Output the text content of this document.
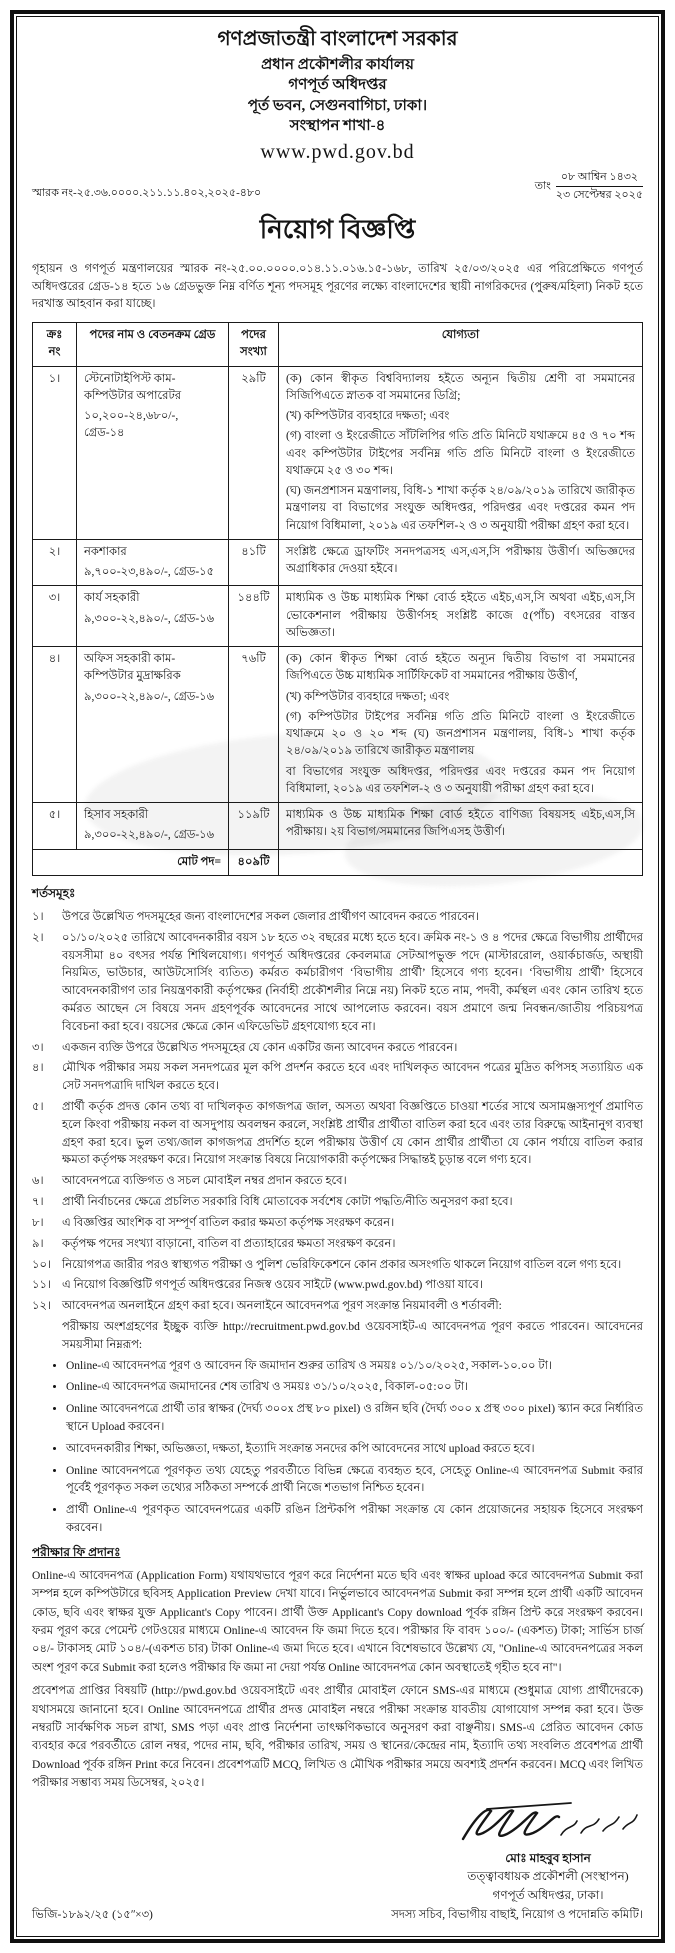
গণপ্রজাতন্ত্রী বাংলাদেশ সরকার
প্রধান প্রকৌশলীর কার্যালয়
গণপূর্ত অধিদপ্তর
পূর্ত ভবন, সেগুনবাগিচা, ঢাকা।
সংস্থাপন শাখা-৪
www.pwd.gov.bd
স্মারক নং-২৫.৩৬.০০০০.২১১.১১.৪০২,২০২৫-৪৮০
তাং $\frac{\text{০৮ আশ্বিন ১৪৩২}}{\text{২৩ সেপ্টেম্বর ২০২৫}}$
নিয়োগ বিজ্ঞপ্তি

গৃহায়ন ও গণপূর্ত মন্ত্রণালয়ের স্মারক নং-২৫.০০.০০০০.০১৪.১১.০১৬.১৫-১৬৮, তারিখ ২৫/০৩/২০২৫ এর পরিপ্রেক্ষিতে গণপূর্ত অধিদপ্তরের গ্রেড-১৪ হতে ১৬ গ্রেডভুক্ত নিম্ন বর্ণিত শূন্য পদসমূহ পূরণের লক্ষ্যে বাংলাদেশের স্থায়ী নাগরিকদের (পুরুষ/মহিলা) নিকট হতে দরখাস্ত আহবান করা যাচ্ছে।

ক্রঃ নং	পদের নাম ও বেতনক্রম গ্রেড	পদের সংখ্যা	যোগ্যতা
১।	স্টেনোটাইপিস্ট কাম-কম্পিউটার অপারেটর
১০,২০০-২৪,৬৮০/-, গ্রেড-১৪
	২৯টি	(ক) কোন স্বীকৃত বিশ্ববিদ্যালয় হইতে অন্যূন দ্বিতীয় শ্রেণী বা সমমানের সিজিপিএতে স্নাতক বা সমমানের ডিগ্রি;
(খ) কম্পিউটার ব্যবহারে দক্ষতা; এবং
(গ) বাংলা ও ইংরেজীতে সাঁটলিপির গতি প্রতি মিনিটে যথাক্রমে ৪৫ ও ৭০ শব্দ এবং কম্পিউটার টাইপের সর্বনিম্ন গতি প্রতি মিনিটে বাংলা ও ইংরেজীতে যথাক্রমে ২৫ ও ৩০ শব্দ।
(ঘ) জনপ্রশাসন মন্ত্রণালয়, বিধি-১ শাখা কর্তৃক ২৪/০৯/২০১৯ তারিখে জারীকৃত মন্ত্রণালয় বা বিভাগের সংযুক্ত অধিদপ্তর, পরিদপ্তর এবং দপ্তরের কমন পদ নিয়োগ বিধিমালা, ২০১৯ এর তফশিল-২ ও ৩ অনুযায়ী পরীক্ষা গ্রহণ করা হবে।

২।	নকশাকার
৯,৭০০-২৩,৪৯০/-, গ্রেড-১৫	৪১টি	সংশ্লিষ্ট ক্ষেত্রে ড্রাফটিং সনদপত্রসহ এস,এস,সি পরীক্ষায় উত্তীর্ণ। অভিজ্ঞদের অগ্রাধিকার দেওয়া হইবে।

৩।	কার্য সহকারী
৯,৩০০-২২,৪৯০/-, গ্রেড-১৬	১৪৪টি	মাধ্যমিক ও উচ্চ মাধ্যমিক শিক্ষা বোর্ড হইতে এইচ,এস,সি অথবা এইচ,এস,সি ভোকেশনাল পরীক্ষায় উত্তীর্ণসহ সংশ্লিষ্ট কাজে ৫(পাঁচ) বৎসরের বাস্তব অভিজ্ঞতা।

৪।	অফিস সহকারী কাম-কম্পিউটার মুদ্রাক্ষরিক
৯,৩০০-২২,৪৯০/-, গ্রেড-১৬
	৭৬টি	(ক) কোন স্বীকৃত শিক্ষা বোর্ড হইতে অন্যূন দ্বিতীয় বিভাগ বা সমমানের জিপিএতে উচ্চ মাধ্যমিক সার্টিফিকেট বা সমমানের পরীক্ষায় উত্তীর্ণ,
(খ) কম্পিউটার ব্যবহারে দক্ষতা; এবং
(গ) কম্পিউটার টাইপের সর্বনিম্ন গতি প্রতি মিনিটে বাংলা ও ইংরেজীতে যথাক্রমে ২০ ও ২০ শব্দ (ঘ) জনপ্রশাসন মন্ত্রণালয়, বিধি-১ শাখা কর্তৃক ২৪/০৯/২০১৯ তারিখে জারীকৃত মন্ত্রণালয়
বা বিভাগের সংযুক্ত অধিদপ্তর, পরিদপ্তর এবং দপ্তরের কমন পদ নিয়োগ বিধিমালা, ২০১৯ এর তফশিল-২ ও ৩ অনুযায়ী পরীক্ষা গ্রহণ করা হবে।

৫।	হিসাব সহকারী
৯,৩০০-২২,৪৯০/-, গ্রেড-১৬	১১৯টি	মাধ্যমিক ও উচ্চ মাধ্যমিক শিক্ষা বোর্ড হইতে বাণিজ্য বিষয়সহ এইচ,এস,সি পরীক্ষায়। ২য় বিভাগ/সমমানের জিপিএসহ উত্তীর্ণ।

মোট পদ=		৪০৯টি	
শর্তসমূহঃ
১।	উপরে উল্লেখিত পদসমূহের জন্য বাংলাদেশের সকল জেলার প্রার্থীগণ আবেদন করতে পারবেন।
২।	০১/১০/২০২৫ তারিখে আবেদনকারীর বয়স ১৮ হতে ৩২ বছরের মধ্যে হতে হবে। ক্রমিক নং-১ ও ৪ পদের ক্ষেত্রে বিভাগীয় প্রার্থীদের বয়সসীমা ৪০ বৎসর পর্যন্ত শিথিলযোগ্য। গণপূর্ত অধিদপ্তরের কেবলমাত্র সেটআপভুক্ত পদে (মাস্টাররোল, ওয়ার্কচার্জড, অস্থায়ী নিয়মিত, ভাউচার, আউটসোর্সিং ব্যতিত) কর্মরত কর্মচারীগণ ‘বিভাগীয় প্রার্থী’ হিসেবে গণ্য হবেন। ‘বিভাগীয় প্রার্থী’ হিসেবে আবেদনকারীগণ তার নিয়ন্ত্রণকারী কর্তৃপক্ষের (নির্বাহী প্রকৌশলীর নিম্নে নয়) নিকট হতে নাম, পদবী, কর্মস্থল এবং কোন তারিখ হতে কর্মরত আছেন সে বিষয়ে সনদ গ্রহণপূর্বক আবেদনের সাথে আপলোড করবেন। বয়স প্রমাণে জন্ম নিবন্ধন/জাতীয় পরিচয়পত্র বিবেচনা করা হবে। বয়সের ক্ষেত্রে কোন এফিডেভিট গ্রহণযোগ্য হবে না।
৩।	একজন ব্যক্তি উপরে উল্লেখিত পদসমূহের যে কোন একটির জন্য আবেদন করতে পারবেন।
৪।	মৌখিক পরীক্ষার সময় সকল সনদপত্রের মূল কপি প্রদর্শন করতে হবে এবং দাখিলকৃত আবেদন পত্রের মুদ্রিত কপিসহ সত্যায়িত এক সেট সনদপত্রাদি দাখিল করতে হবে।
৫।	প্রার্থী কর্তৃক প্রদত্ত কোন তথ্য বা দাখিলকৃত কাগজপত্র জাল, অসত্য অথবা বিজ্ঞপ্তিতে চাওয়া শর্তের সাথে অসামঞ্জস্যপূর্ণ প্রমাণিত হলে কিংবা পরীক্ষায় নকল বা অসদুপায় অবলম্বন করলে, সংশ্লিষ্ট প্রার্থীর প্রার্থীতা বাতিল করা হবে এবং তার বিরুদ্ধে আইনানুগ ব্যবস্থা গ্রহণ করা হবে। ভুল তথ্য/জাল কাগজপত্র প্রদর্শিত হলে পরীক্ষায় উত্তীর্ণ যে কোন প্রার্থীর প্রার্থীতা যে কোন পর্যায়ে বাতিল করার ক্ষমতা কর্তৃপক্ষ সংরক্ষণ করে। নিয়োগ সংক্রান্ত বিষয়ে নিয়োগকারী কর্তৃপক্ষের সিদ্ধান্তই চূড়ান্ত বলে গণ্য হবে।
৬।	আবেদনপত্রে ব্যক্তিগত ও সচল মোবাইল নম্বর প্রদান করতে হবে।
৭।	প্রার্থী নির্বাচনের ক্ষেত্রে প্রচলিত সরকারি বিধি মোতাবেক সর্বশেষ কোটা পদ্ধতি/নীতি অনুসরণ করা হবে।
৮।	এ বিজ্ঞপ্তির আংশিক বা সম্পূর্ণ বাতিল করার ক্ষমতা কর্তৃপক্ষ সংরক্ষণ করেন।
৯।	কর্তৃপক্ষ পদের সংখ্যা বাড়ানো, বাতিল বা প্রত্যাহারের ক্ষমতা সংরক্ষণ করেন।
১০। নিয়োগপত্র জারীর পরও স্বাস্থ্যগত পরীক্ষা ও পুলিশ ভেরিফিকেশনে কোন প্রকার অসংগতি থাকলে নিয়োগ বাতিল বলে গণ্য হবে।
১১। এ নিয়োগ বিজ্ঞপ্তিটি গণপূর্ত অধিদপ্তরের নিজস্ব ওয়েব সাইটে (www.pwd.gov.bd) পাওয়া যাবে।
১২। আবেদনপত্র অনলাইনে গ্রহণ করা হবে। অনলাইনে আবেদনপত্র পূরণ সংক্রান্ত নিয়মাবলী ও শর্তাবলী:
পরীক্ষায় অংশগ্রহণের ইচ্ছুক ব্যক্তি http://recruitment.pwd.gov.bd ওয়েবসাইট-এ আবেদনপত্র পূরণ করতে পারবেন। আবেদনের সময়সীমা নিম্নরূপ:
• Online-এ আবেদনপত্র পূরণ ও আবেদন ফি জমাদান শুরুর তারিখ ও সময়ঃ ০১/১০/২০২৫, সকাল-১০.০০ টা।
• Online-এ আবেদনপত্র জমাদানের শেষ তারিখ ও সময়ঃ ৩১/১০/২০২৫, বিকাল-০৫:০০ টা।
• Online আবেদনপত্রে প্রার্থী তার স্বাক্ষর (দৈর্ঘ্য ৩০০x প্রস্থ ৮০ pixel) ও রঙ্গিন ছবি (দৈর্ঘ্য ৩০০ x প্রস্থ ৩০০ pixel) স্ক্যান করে নির্ধারিত স্থানে Upload করবেন।
• আবেদনকারীর শিক্ষা, অভিজ্ঞতা, দক্ষতা, ইত্যাদি সংক্রান্ত সনদের কপি আবেদনের সাথে upload করতে হবে।
• Online আবেদনপত্রে পূরণকৃত তথ্য যেহেতু পরবর্তীতে বিভিন্ন ক্ষেত্রে ব্যবহৃত হবে, সেহেতু Online-এ আবেদনপত্র Submit করার পূর্বেই পূরণকৃত সকল তথ্যের সঠিকতা সম্পর্কে প্রার্থী নিজে শতভাগ নিশ্চিত হবেন।
• প্রার্থী Online-এ পূরণকৃত আবেদনপত্রের একটি রঙিন প্রিন্টকপি পরীক্ষা সংক্রান্ত যে কোন প্রয়োজনের সহায়ক হিসেবে সংরক্ষণ করবেন।
পরীক্ষার ফি প্রদানঃ

Online-এ আবেদনপত্র (Application Form) যথাযথভাবে পূরণ করে নির্দেশনা মতে ছবি এবং স্বাক্ষর upload করে আবেদনপত্র Submit করা সম্পন্ন হলে কম্পিউটারে ছবিসহ Application Preview দেখা যাবে। নির্ভুলভাবে আবেদনপত্র Submit করা সম্পন্ন হলে প্রার্থী একটি আবেদন কোড, ছবি এবং স্বাক্ষর যুক্ত Applicant's Copy পাবেন। প্রার্থী উক্ত Applicant's Copy download পূর্বক রঙ্গিন প্রিন্ট করে সংরক্ষণ করবেন। ফরম পূরণ করে পেমেন্ট গেটওয়ের মাধ্যমে Online-এ আবেদন ফি জমা দিতে হবে। পরীক্ষার ফি বাবদ ১০০/- (একশত) টাকা; সার্ভিস চার্জ ০৪/- টাকাসহ মোট ১০৪/-(একশত চার) টাকা Online-এ জমা দিতে হবে। এখানে বিশেষভাবে উল্লেখ্য যে, "Online-এ আবেদনপত্রের সকল অংশ পূরণ করে Submit করা হলেও পরীক্ষার ফি জমা না দেয়া পর্যন্ত Online আবেদনপত্র কোন অবস্থাতেই গৃহীত হবে না"।

প্রবেশপত্র প্রাপ্তির বিষয়টি (http://pwd.gov.bd ওয়েবসাইটে এবং প্রার্থীর মোবাইল ফোনে SMS-এর মাধ্যমে (শুধুমাত্র যোগ্য প্রার্থীদেরকে) যথাসময়ে জানানো হবে। Online আবেদনপত্রে প্রার্থীর প্রদত্ত মোবাইল নম্বরে পরীক্ষা সংক্রান্ত যাবতীয় যোগাযোগ সম্পন্ন করা হবে। উক্ত নম্বরটি সার্বক্ষণিক সচল রাখা, SMS পড়া এবং প্রাপ্ত নির্দেশনা তাৎক্ষণিকভাবে অনুসরণ করা বাঞ্ছনীয়। SMS-এ প্রেরিত আবেদন কোড ব্যবহার করে পরবর্তীতে রোল নম্বর, পদের নাম, ছবি, পরীক্ষার তারিখ, সময় ও স্থানের/কেন্দ্রের নাম, ইত্যাদি তথ্য সংবলিত প্রবেশপত্র প্রার্থী Download পূর্বক রঙ্গিন Print করে নিবেন। প্রবেশপত্রটি MCQ, লিখিত ও মৌখিক পরীক্ষার সময়ে অবশ্যই প্রদর্শন করবেন। MCQ এবং লিখিত পরীক্ষার সম্ভাব্য সময় ডিসেম্বর, ২০২৫।

মোঃ মাহবুব হাসান
তত্ত্বাবধায়ক প্রকৌশলী (সংস্থাপন)
গণপূর্ত অধিদপ্তর, ঢাকা।
ভিজি-১৮৯২/২৫ (১৫ʺ×৩)	সদস্য সচিব, বিভাগীয় বাছাই, নিয়োগ ও পদোন্নতি কমিটি।
